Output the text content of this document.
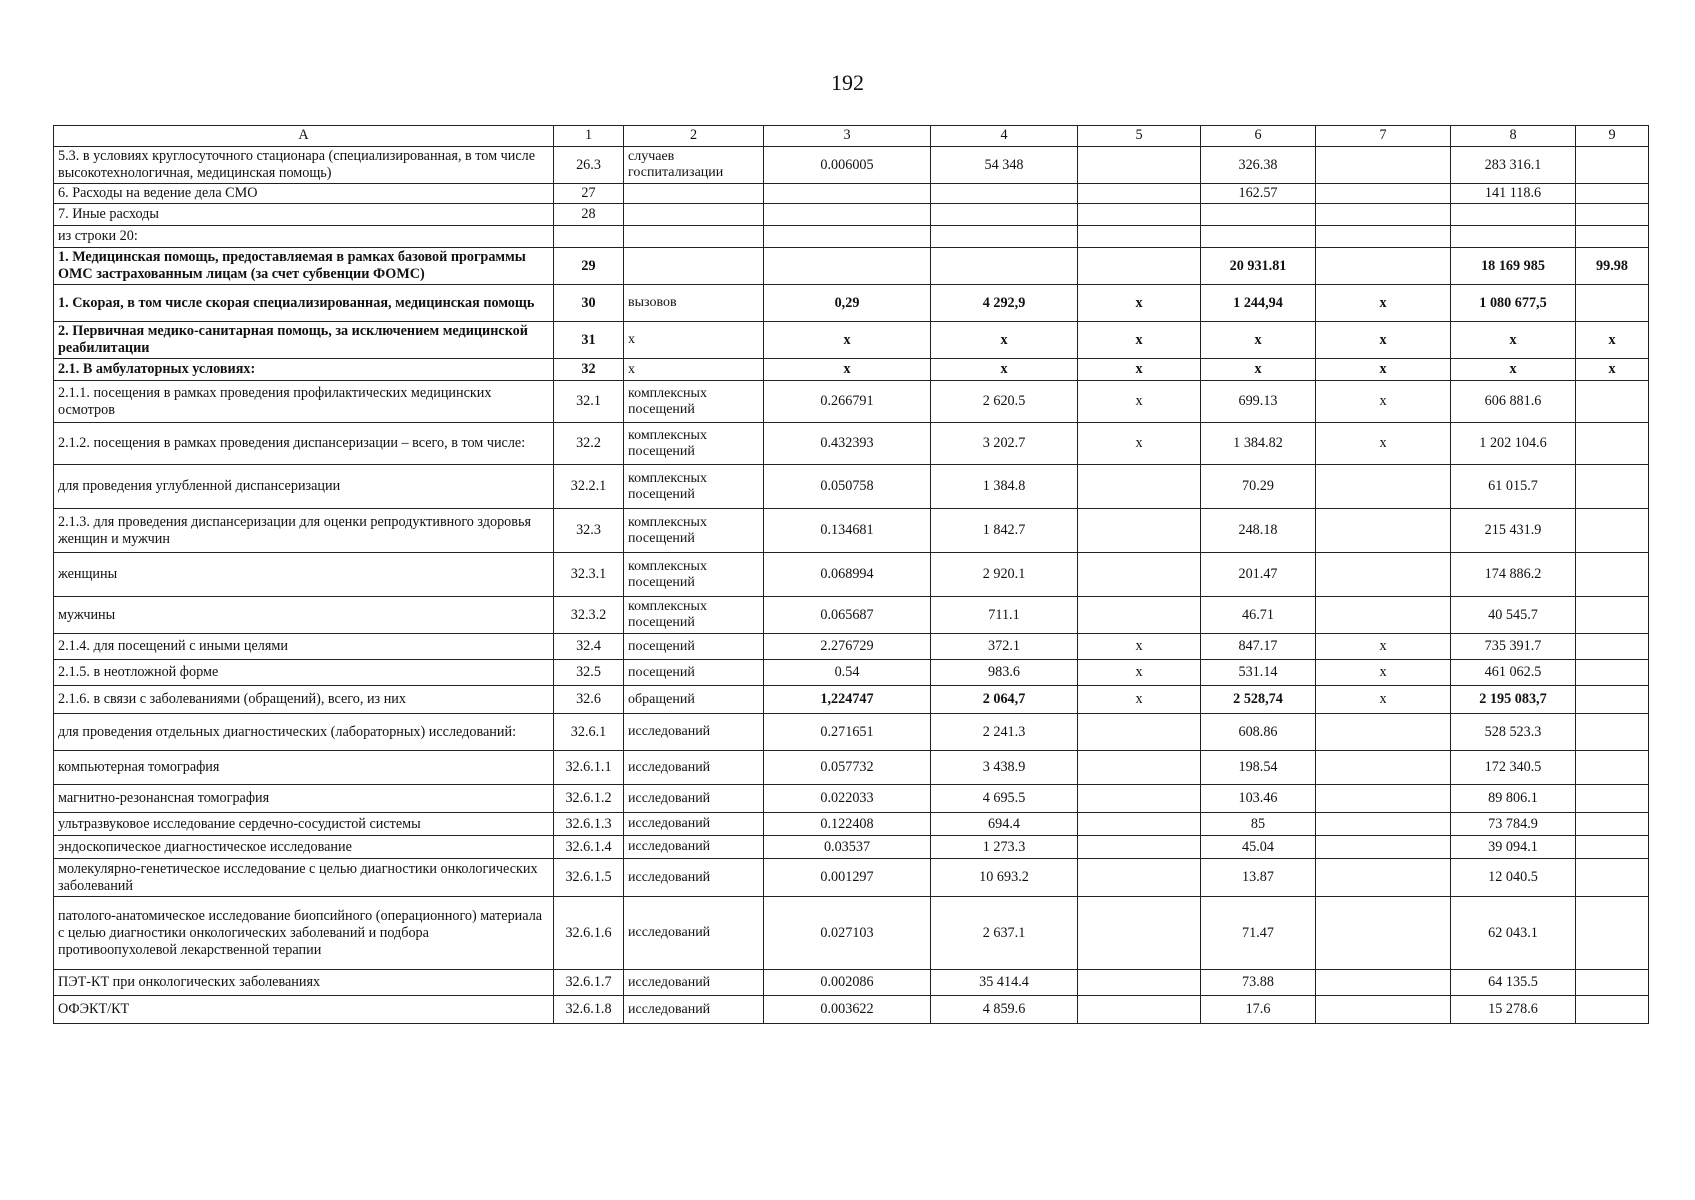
192
А	1	2	3	4	5	6	7	8	9
5.3. в условиях круглосуточного стационара (специализированная, в том числе высокотехнологичная, медицинская помощь)	26.3	случаев госпитализации	0.006005	54 348		326.38		283 316.1	
6. Расходы на ведение дела СМО	27					162.57		141 118.6	
7. Иные расходы	28								
из строки 20:									
1. Медицинская помощь, предоставляемая в рамках базовой программы ОМС застрахованным лицам (за счет субвенции ФОМС)	29					20 931.81		18 169 985	99.98
1. Скорая, в том числе скорая специализированная, медицинская помощь	30	вызовов	0,29	4 292,9	х	1 244,94	х	1 080 677,5	
2. Первичная медико-санитарная помощь, за исключением медицинской реабилитации	31	х	х	х	х	х	х	х	х
2.1. В амбулаторных условиях:	32	х	х	х	х	х	х	х	х
2.1.1. посещения в рамках проведения профилактических медицинских осмотров	32.1	комплексных посещений	0.266791	2 620.5	х	699.13	х	606 881.6	
2.1.2. посещения в рамках проведения диспансеризации – всего, в том числе:	32.2	комплексных посещений	0.432393	3 202.7	х	1 384.82	х	1 202 104.6	
для проведения углубленной диспансеризации	32.2.1	комплексных посещений	0.050758	1 384.8		70.29		61 015.7	
2.1.3. для проведения диспансеризации для оценки репродуктивного здоровья женщин и мужчин	32.3	комплексных посещений	0.134681	1 842.7		248.18		215 431.9	
женщины	32.3.1	комплексных посещений	0.068994	2 920.1		201.47		174 886.2	
мужчины	32.3.2	комплексных посещений	0.065687	711.1		46.71		40 545.7	
2.1.4. для посещений с иными целями	32.4	посещений	2.276729	372.1	х	847.17	х	735 391.7	
2.1.5. в неотложной форме	32.5	посещений	0.54	983.6	х	531.14	х	461 062.5	
2.1.6. в связи с заболеваниями (обращений), всего, из них	32.6	обращений	1,224747	2 064,7	х	2 528,74	х	2 195 083,7	
для проведения отдельных диагностических (лабораторных) исследований:	32.6.1	исследований	0.271651	2 241.3		608.86		528 523.3	
компьютерная томография	32.6.1.1	исследований	0.057732	3 438.9		198.54		172 340.5	
магнитно-резонансная томография	32.6.1.2	исследований	0.022033	4 695.5		103.46		89 806.1	
ультразвуковое исследование сердечно-сосудистой системы	32.6.1.3	исследований	0.122408	694.4		85		73 784.9	
эндоскопическое диагностическое исследование	32.6.1.4	исследований	0.03537	1 273.3		45.04		39 094.1	
молекулярно-генетическое исследование с целью диагностики онкологических заболеваний	32.6.1.5	исследований	0.001297	10 693.2		13.87		12 040.5	
патолого-анатомическое исследование биопсийного (операционного) материала с целью диагностики онкологических заболеваний и подбора противоопухолевой лекарственной терапии	32.6.1.6	исследований	0.027103	2 637.1		71.47		62 043.1	
ПЭТ-КТ при онкологических заболеваниях	32.6.1.7	исследований	0.002086	35 414.4		73.88		64 135.5	
ОФЭКТ/КТ	32.6.1.8	исследований	0.003622	4 859.6		17.6		15 278.6	
